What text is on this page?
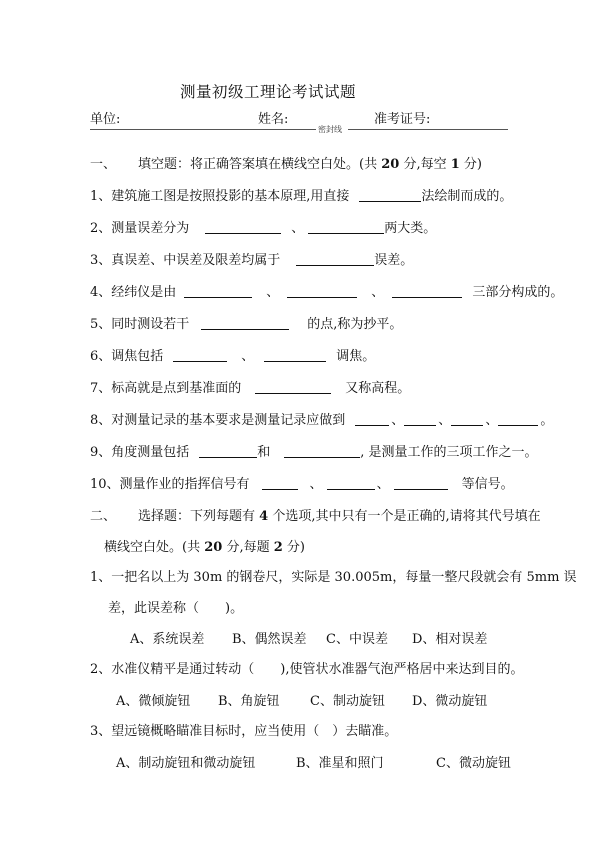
测量初级工理论考试试题
单位:	姓名:	准考证号:
密封线
一、 填空题：将正确答案填在横线空白处。(共 20 分,每空 1 分)
1、建筑施工图是按照投影的基本原理,用直接	法绘制而成的。
2、测量误差分为	、	两大类。
3、真误差、中误差及限差均属于	误差。
4、经纬仪是由	、	、	三部分构成的。
5、同时测设若干	的点,称为抄平。
6、调焦包括	、	调焦。
7、标高就是点到基准面的	又称高程。
8、对测量记录的基本要求是测量记录应做到	、	、	、	。
9、角度测量包括	和	, 是测量工作的三项工作之一。
10、测量作业的指挥信号有	、	、	等信号。
二、 选择题：下列每题有 4 个选项,其中只有一个是正确的,请将其代号填在
横线空白处。(共 20 分,每题 2 分)
1、一把名以上为 30m 的钢卷尺，实际是 30.005m，每量一整尺段就会有 5mm 误
差，此误差称（　　)。
A、系统误差 B、偶然误差 C、中误差 D、相对误差
2、水准仪精平是通过转动（　　),使管状水准器气泡严格居中来达到目的。
A、微倾旋钮 B、角旋钮 C、制动旋钮 D、微动旋钮
3、望远镜概略瞄准目标时，应当使用（　）去瞄准。
A、制动旋钮和微动旋钮	B、准星和照门	C、微动旋钮
